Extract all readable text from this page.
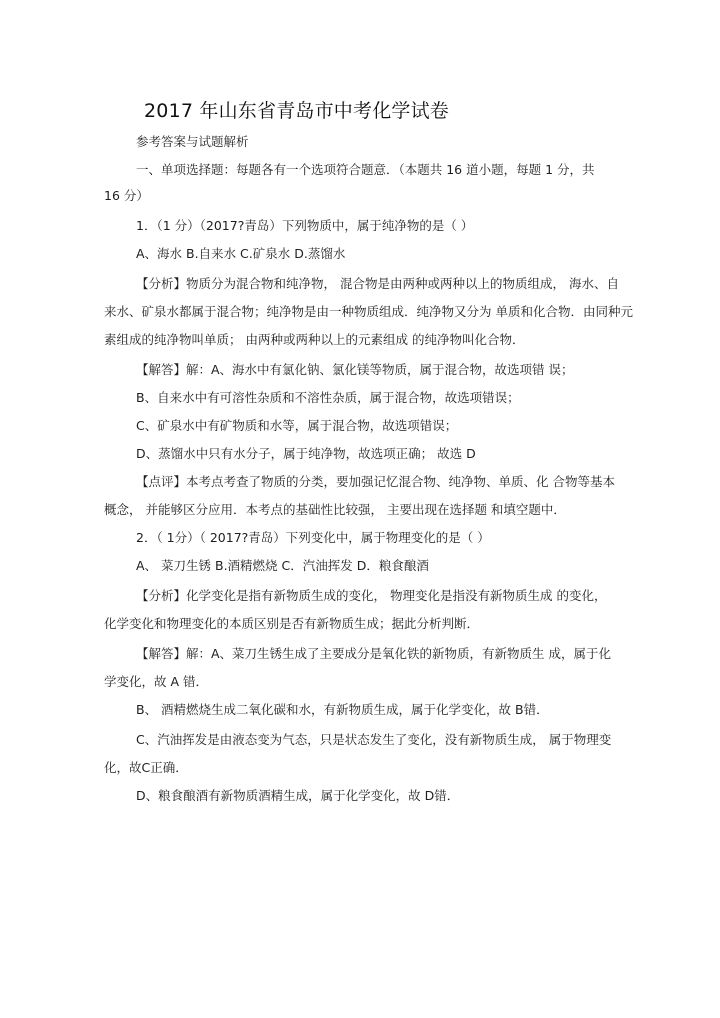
2017 年山东省青岛市中考化学试卷
参考答案与试题解析
一、单项选择题：每题各有一个选项符合题意．（本题共 16 道小题，每题 1 分，共
16 分）
1．（1 分）（2017?青岛）下列物质中，属于纯净物的是（ ）
A、海水 B.自来水 C.矿泉水 D.蒸馏水
【分析】物质分为混合物和纯净物， 混合物是由两种或两种以上的物质组成， 海水、自
来水、矿泉水都属于混合物；纯净物是由一种物质组成．纯净物又分为 单质和化合物．由同种元
素组成的纯净物叫单质； 由两种或两种以上的元素组成 的纯净物叫化合物．
【解答】解：A、海水中有氯化钠、氯化镁等物质，属于混合物，故选项错 误；
B、自来水中有可溶性杂质和不溶性杂质，属于混合物，故选项错误；
C、矿泉水中有矿物质和水等，属于混合物，故选项错误；
D、蒸馏水中只有水分子，属于纯净物，故选项正确； 故选 D
【点评】本考点考查了物质的分类，要加强记忆混合物、纯净物、单质、化 合物等基本
概念， 并能够区分应用．本考点的基础性比较强， 主要出现在选择题 和填空题中．
2．（ 1分）（ 2017?青岛）下列变化中，属于物理变化的是（ ）
A、 菜刀生锈 B.酒精燃烧 C．汽油挥发 D．粮食酿酒
【分析】化学变化是指有新物质生成的变化， 物理变化是指没有新物质生成 的变化，
化学变化和物理变化的本质区别是否有新物质生成；据此分析判断．
【解答】解：A、菜刀生锈生成了主要成分是氧化铁的新物质，有新物质生 成，属于化
学变化，故 A 错．
B、 酒精燃烧生成二氧化碳和水，有新物质生成，属于化学变化，故 B错．
C、汽油挥发是由液态变为气态，只是状态发生了变化，没有新物质生成， 属于物理变
化，故C正确．
D、粮食酿酒有新物质酒精生成，属于化学变化，故 D错．
